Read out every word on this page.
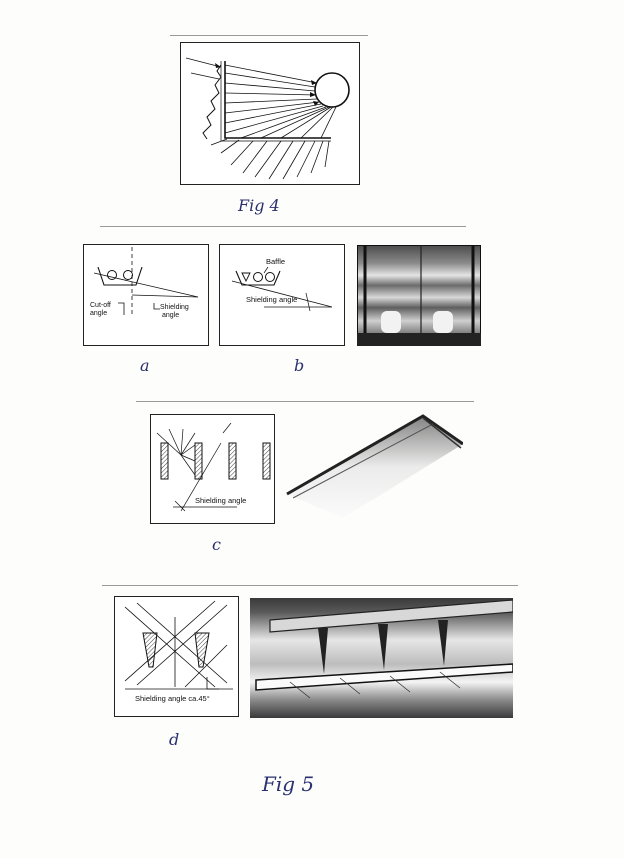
Fig 4
Cut-off
angle
Shielding
angle
Baffle
Shielding angle
a	b
Shielding angle
c
Shielding angle ca.45°
d
Fig 5
